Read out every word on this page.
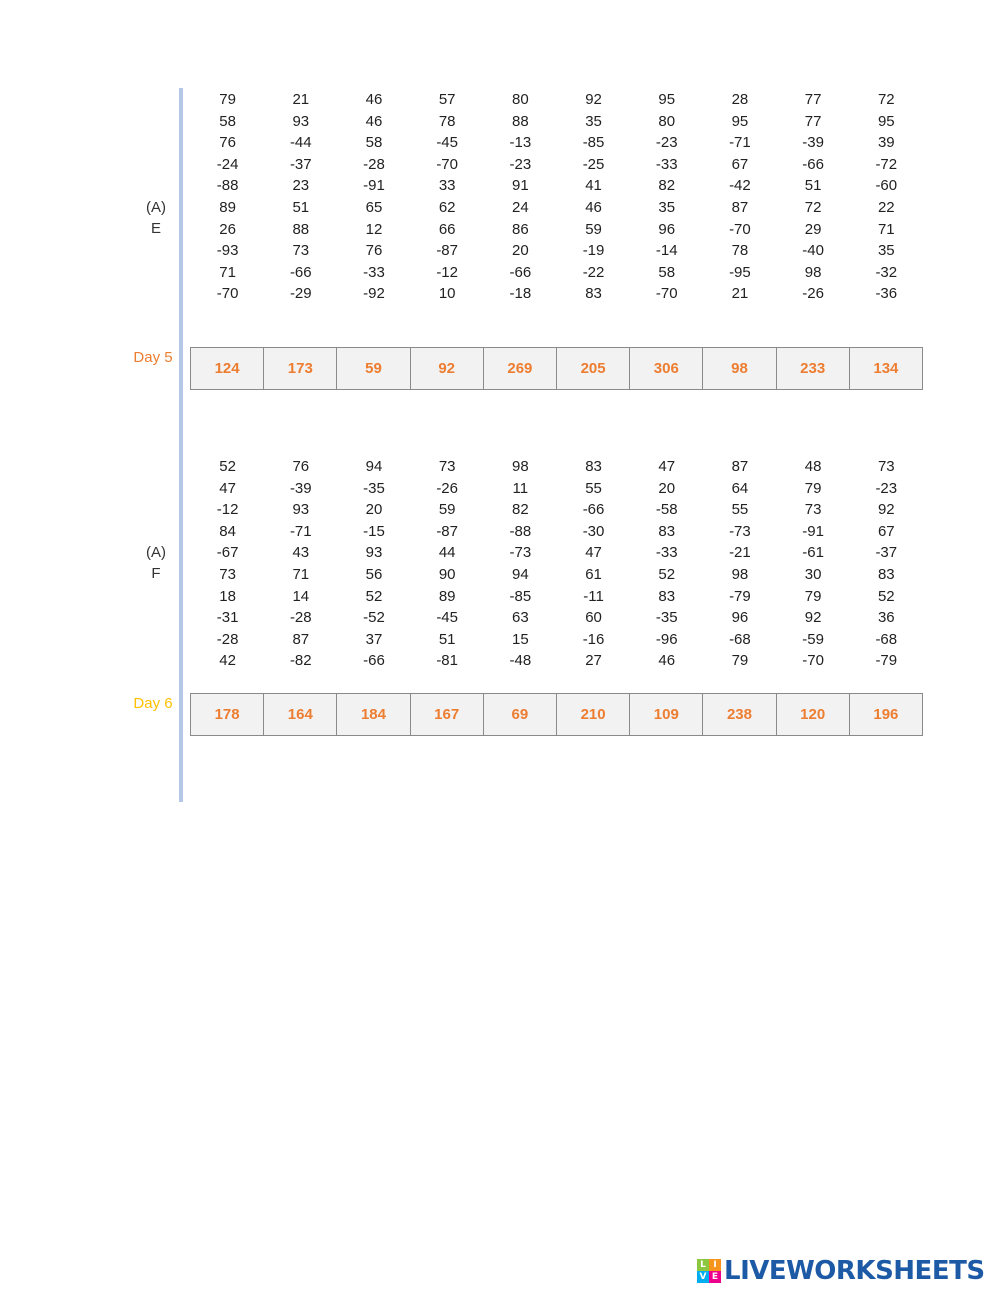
(A)
E
79	21	46	57	80	92	95	28	77	72
58	93	46	78	88	35	80	95	77	95
76	-44	58	-45	-13	-85	-23	-71	-39	39
-24	-37	-28	-70	-23	-25	-33	67	-66	-72
-88	23	-91	33	91	41	82	-42	51	-60
89	51	65	62	24	46	35	87	72	22
26	88	12	66	86	59	96	-70	29	71
-93	73	76	-87	20	-19	-14	78	-40	35
71	-66	-33	-12	-66	-22	58	-95	98	-32
-70	-29	-92	10	-18	83	-70	21	-26	-36
Day 5
124	173	59	92	269	205	306	98	233	134
(A)
F
52	76	94	73	98	83	47	87	48	73
47	-39	-35	-26	11	55	20	64	79	-23
-12	93	20	59	82	-66	-58	55	73	92
84	-71	-15	-87	-88	-30	83	-73	-91	67
-67	43	93	44	-73	47	-33	-21	-61	-37
73	71	56	90	94	61	52	98	30	83
18	14	52	89	-85	-11	83	-79	79	52
-31	-28	-52	-45	63	60	-35	96	92	36
-28	87	37	51	15	-16	-96	-68	-59	-68
42	-82	-66	-81	-48	27	46	79	-70	-79
Day 6
178	164	184	167	69	210	109	238	120	196
L I
V E LIVEWORKSHEETS
